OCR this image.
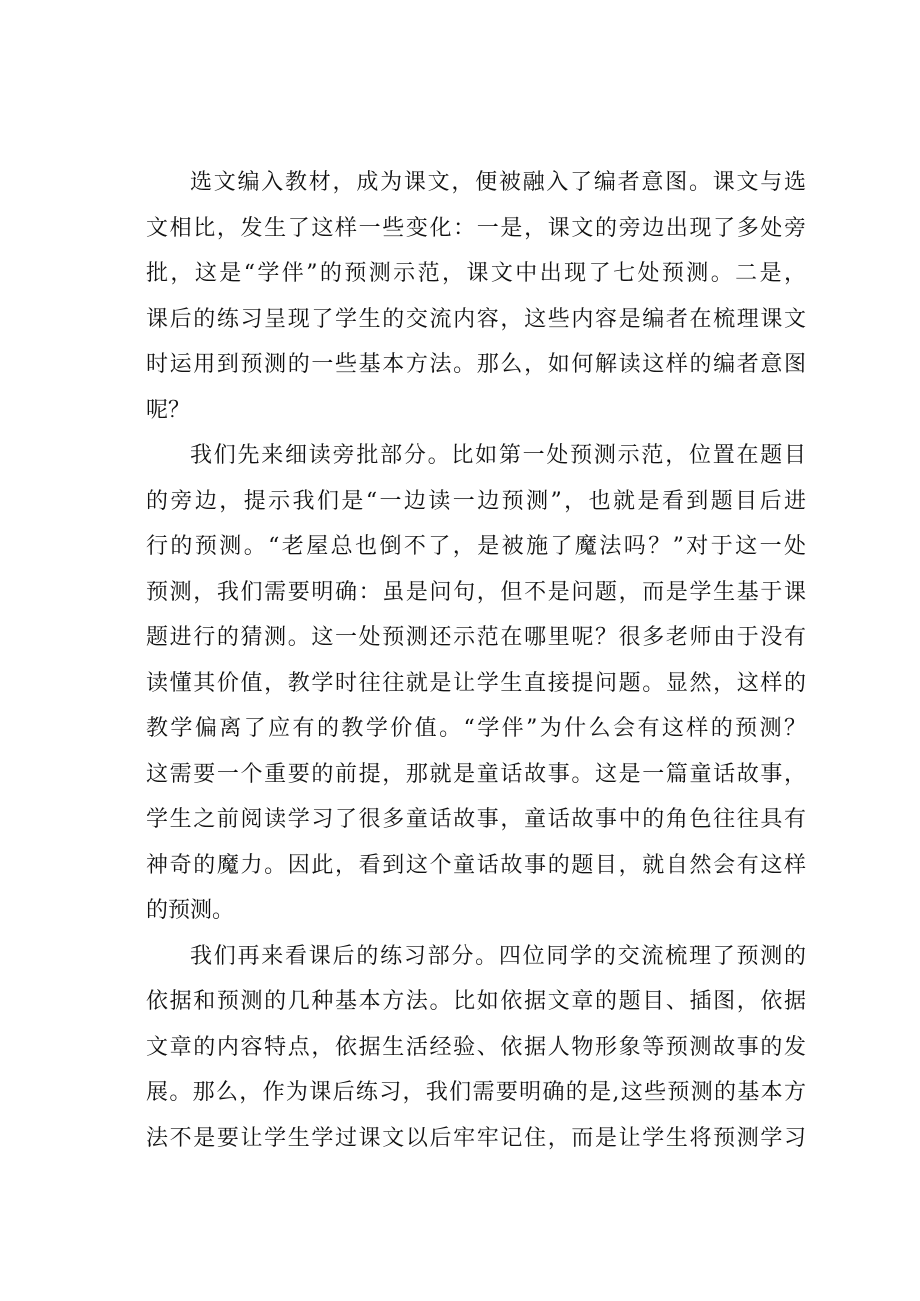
选文编入教材，成为课文，便被融入了编者意图。课文与选
文相比，发生了这样一些变化：一是，课文的旁边出现了多处旁
批，这是“学伴”的预测示范，课文中出现了七处预测。二是，
课后的练习呈现了学生的交流内容，这些内容是编者在梳理课文
时运用到预测的一些基本方法。那么，如何解读这样的编者意图
呢？
我们先来细读旁批部分。比如第一处预测示范，位置在题目
的旁边，提示我们是“一边读一边预测”，也就是看到题目后进
行的预测。“老屋总也倒不了，是被施了魔法吗？”对于这一处
预测，我们需要明确：虽是问句，但不是问题，而是学生基于课
题进行的猜测。这一处预测还示范在哪里呢？很多老师由于没有
读懂其价值，教学时往往就是让学生直接提问题。显然，这样的
教学偏离了应有的教学价值。“学伴”为什么会有这样的预测？
这需要一个重要的前提，那就是童话故事。这是一篇童话故事，
学生之前阅读学习了很多童话故事，童话故事中的角色往往具有
神奇的魔力。因此，看到这个童话故事的题目，就自然会有这样
的预测。
我们再来看课后的练习部分。四位同学的交流梳理了预测的
依据和预测的几种基本方法。比如依据文章的题目、插图，依据
文章的内容特点，依据生活经验、依据人物形象等预测故事的发
展。那么，作为课后练习，我们需要明确的是,这些预测的基本方
法不是要让学生学过课文以后牢牢记住，而是让学生将预测学习
